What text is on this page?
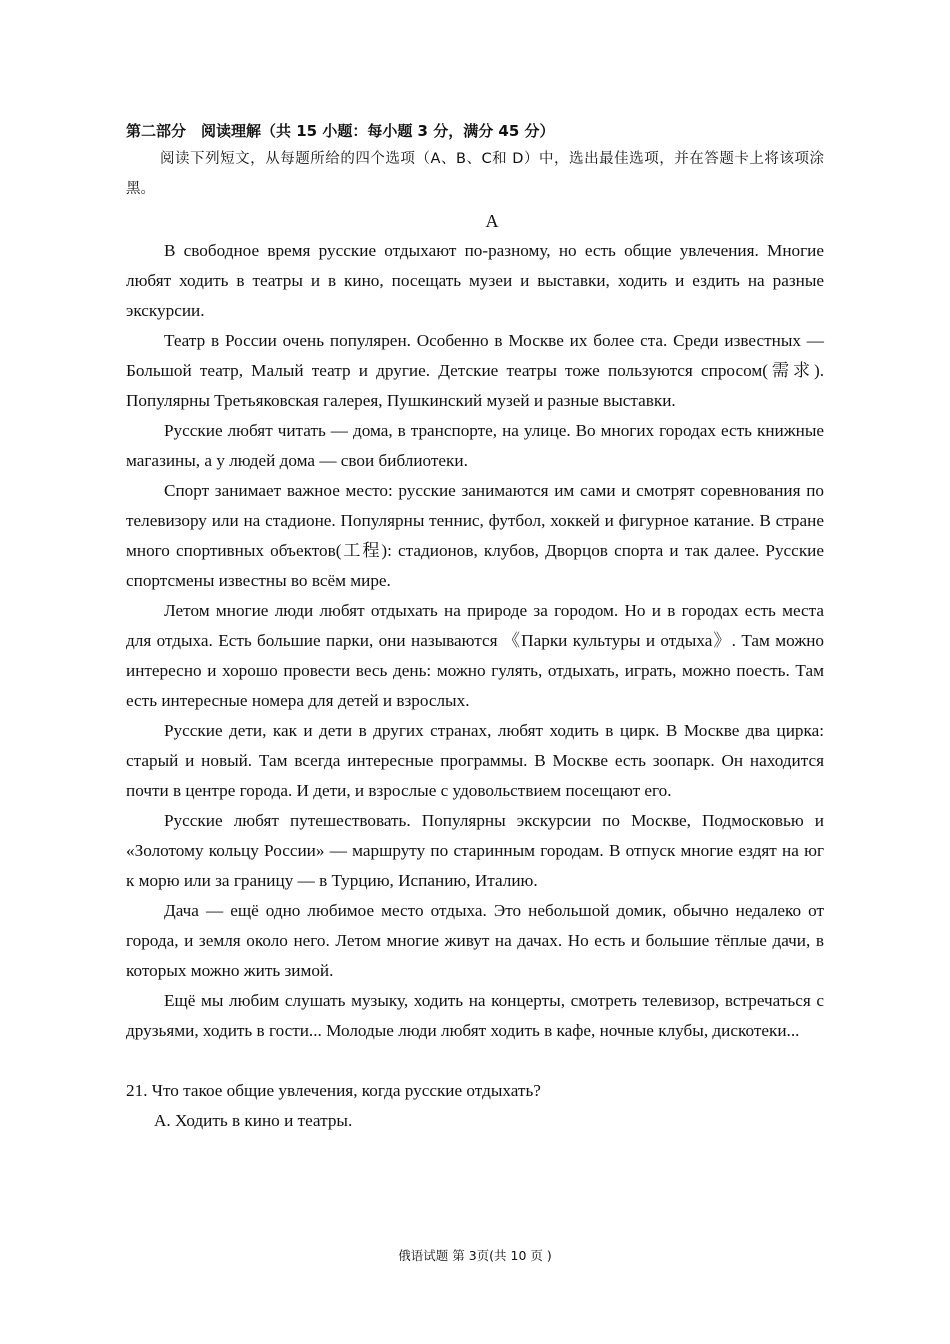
第二部分　阅读理解（共 15 小题：每小题 3 分，满分 45 分）

阅读下列短文，从每题所给的四个选项（A、B、C和 D）中，选出最佳选项，并在答题卡上将该项涂黑。

A

В свободное время русские отдыхают по-разному, но есть общие увлечения. Многие любят ходить в театры и в кино, посещать музеи и выставки, ходить и ездить на разные экскурсии.

Театр в России очень популярен. Особенно в Москве их более ста. Среди известных — Большой театр, Малый театр и другие. Детские театры тоже пользуются спросом(需求). Популярны Третьяковская галерея, Пушкинский музей и разные выставки.

Русские любят читать — дома, в транспорте, на улице. Во многих городах есть книжные магазины, а у людей дома — свои библиотеки.

Спорт занимает важное место: русские занимаются им сами и смотрят соревнования по телевизору или на стадионе. Популярны теннис, футбол, хоккей и фигурное катание. В стране много спортивных объектов(工程): стадионов, клубов, Дворцов спорта и так далее. Русские спортсмены известны во всём мире.

Летом многие люди любят отдыхать на природе за городом. Но и в городах есть места для отдыха. Есть большие парки, они называются 《Парки культуры и отдыха》. Там можно интересно и хорошо провести весь день: можно гулять, отдыхать, играть, можно поесть. Там есть интересные номера для детей и взрослых.

Русские дети, как и дети в других странах, любят ходить в цирк. В Москве два цирка: старый и новый. Там всегда интересные программы. В Москве есть зоопарк. Он находится почти в центре города. И дети, и взрослые с удовольствием посещают его.

Русские любят путешествовать. Популярны экскурсии по Москве, Подмосковью и «Золотому кольцу России» — маршруту по старинным городам. В отпуск многие ездят на юг к морю или за границу — в Турцию, Испанию, Италию.

Дача — ещё одно любимое место отдыха. Это небольшой домик, обычно недалеко от города, и земля около него. Летом многие живут на дачах. Но есть и большие тёплые дачи, в которых можно жить зимой.

Ещё мы любим слушать музыку, ходить на концерты, смотреть телевизор, встречаться с друзьями, ходить в гости... Молодые люди любят ходить в кафе, ночные клубы, дискотеки...

21. Что такое общие увлечения, когда русские отдыхать?

A. Ходить в кино и театры.

俄语试题 第 3页(共 10 页 )
